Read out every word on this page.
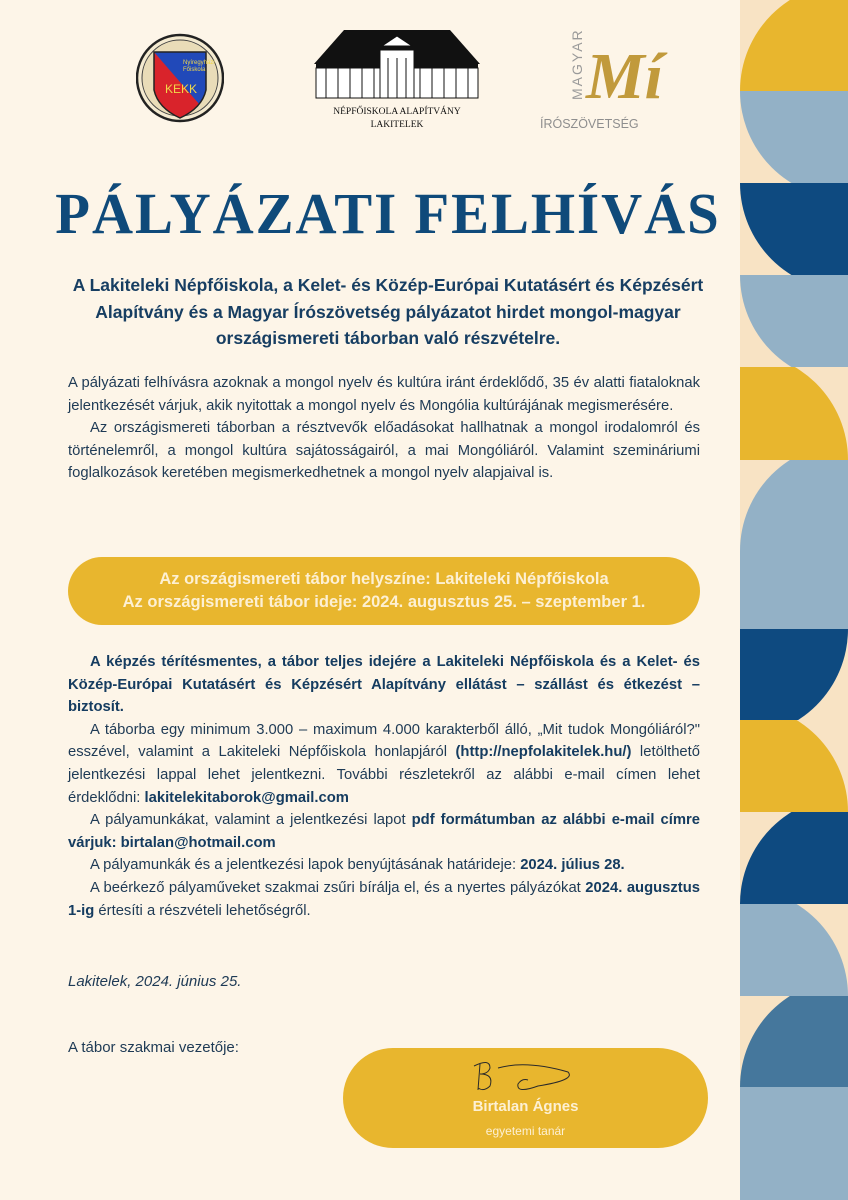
Nyíregyházi
Főiskola
KEKK
NÉPFŐISKOLA ALAPÍTVÁNY
LAKITELEK
MAGYAR Mí
ÍRÓSZÖVETSÉG
PÁLYÁZATI FELHÍVÁS
A Lakiteleki Népfőiskola, a Kelet- és Közép-Európai Kutatásért és Képzésért Alapítvány és a Magyar Írószövetség pályázatot hirdet mongol-magyar országismereti táborban való részvételre.

A pályázati felhívásra azoknak a mongol nyelv és kultúra iránt érdeklődő, 35 év alatti fiataloknak jelentkezését várjuk, akik nyitottak a mongol nyelv és Mongólia kultúrájának megismerésére.

Az országismereti táborban a résztvevők előadásokat hallhatnak a mongol irodalomról és történelemről, a mongol kultúra sajátosságairól, a mai Mongóliáról. Valamint szemináriumi foglalkozások keretében megismerkedhetnek a mongol nyelv alapjaival is.

Az országismereti tábor helyszíne: Lakiteleki Népfőiskola
Az országismereti tábor ideje: 2024. augusztus 25. – szeptember 1.

A képzés térítésmentes, a tábor teljes idejére a Lakiteleki Népfőiskola és a Kelet- és Közép-Európai Kutatásért és Képzésért Alapítvány ellátást – szállást és étkezést – biztosít.

A táborba egy minimum 3.000 – maximum 4.000 karakterből álló, „Mit tudok Mongóliáról?" esszével, valamint a Lakiteleki Népfőiskola honlapjáról (http://nepfolakitelek.hu/) letölthető jelentkezési lappal lehet jelentkezni. További részletekről az alábbi e-mail címen lehet érdeklődni: lakitelekitaborok@gmail.com

A pályamunkákat, valamint a jelentkezési lapot pdf formátumban az alábbi e-mail címre várjuk: birtalan@hotmail.com

A pályamunkák és a jelentkezési lapok benyújtásának határideje: 2024. július 28.

A beérkező pályaműveket szakmai zsűri bírálja el, és a nyertes pályázókat 2024. augusztus 1-ig értesíti a részvételi lehetőségről.

Lakitelek, 2024. június 25.
A tábor szakmai vezetője:
Birtalan Ágnes
egyetemi tanár
